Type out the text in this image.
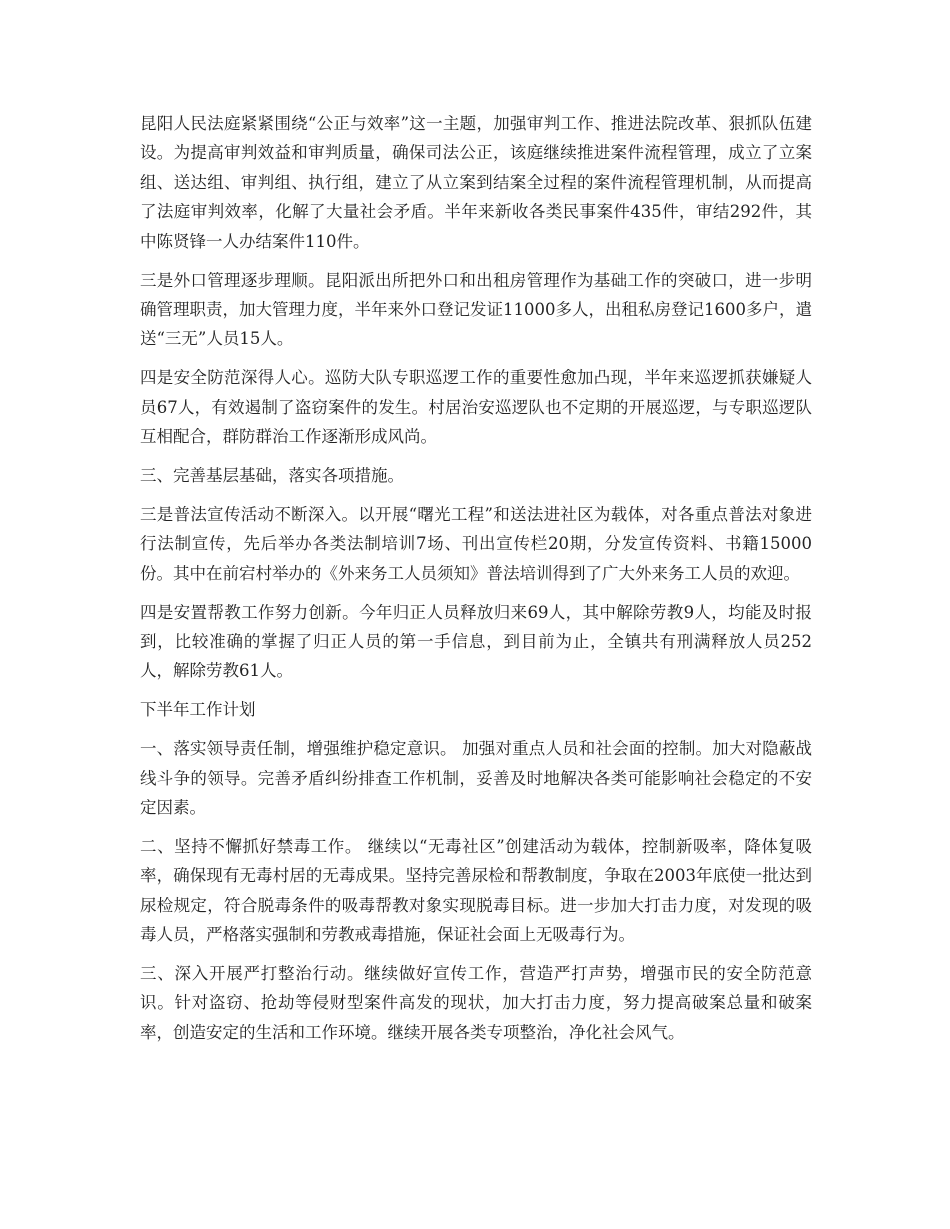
昆阳人民法庭紧紧围绕“公正与效率”这一主题，加强审判工作、推进法院改革、狠抓队伍建设。为提高审判效益和审判质量，确保司法公正，该庭继续推进案件流程管理，成立了立案组、送达组、审判组、执行组，建立了从立案到结案全过程的案件流程管理机制，从而提高了法庭审判效率，化解了大量社会矛盾。半年来新收各类民事案件435件，审结292件，其中陈贤锋一人办结案件110件。

三是外口管理逐步理顺。昆阳派出所把外口和出租房管理作为基础工作的突破口，进一步明确管理职责，加大管理力度，半年来外口登记发证11000多人，出租私房登记1600多户，遣送“三无”人员15人。

四是安全防范深得人心。巡防大队专职巡逻工作的重要性愈加凸现，半年来巡逻抓获嫌疑人员67人，有效遏制了盗窃案件的发生。村居治安巡逻队也不定期的开展巡逻，与专职巡逻队互相配合，群防群治工作逐渐形成风尚。

三、完善基层基础，落实各项措施。

三是普法宣传活动不断深入。以开展“曙光工程”和送法进社区为载体，对各重点普法对象进行法制宣传，先后举办各类法制培训7场、刊出宣传栏20期，分发宣传资料、书籍15000份。其中在前宕村举办的《外来务工人员须知》普法培训得到了广大外来务工人员的欢迎。

四是安置帮教工作努力创新。今年归正人员释放归来69人，其中解除劳教9人，均能及时报到，比较准确的掌握了归正人员的第一手信息，到目前为止，全镇共有刑满释放人员252人，解除劳教61人。

下半年工作计划

一、落实领导责任制，增强维护稳定意识。 加强对重点人员和社会面的控制。加大对隐蔽战线斗争的领导。完善矛盾纠纷排查工作机制，妥善及时地解决各类可能影响社会稳定的不安定因素。

二、坚持不懈抓好禁毒工作。 继续以“无毒社区”创建活动为载体，控制新吸率，降体复吸率，确保现有无毒村居的无毒成果。坚持完善尿检和帮教制度，争取在2003年底使一批达到尿检规定，符合脱毒条件的吸毒帮教对象实现脱毒目标。进一步加大打击力度，对发现的吸毒人员，严格落实强制和劳教戒毒措施，保证社会面上无吸毒行为。

三、深入开展严打整治行动。继续做好宣传工作，营造严打声势，增强市民的安全防范意识。针对盗窃、抢劫等侵财型案件高发的现状，加大打击力度，努力提高破案总量和破案率，创造安定的生活和工作环境。继续开展各类专项整治，净化社会风气。
